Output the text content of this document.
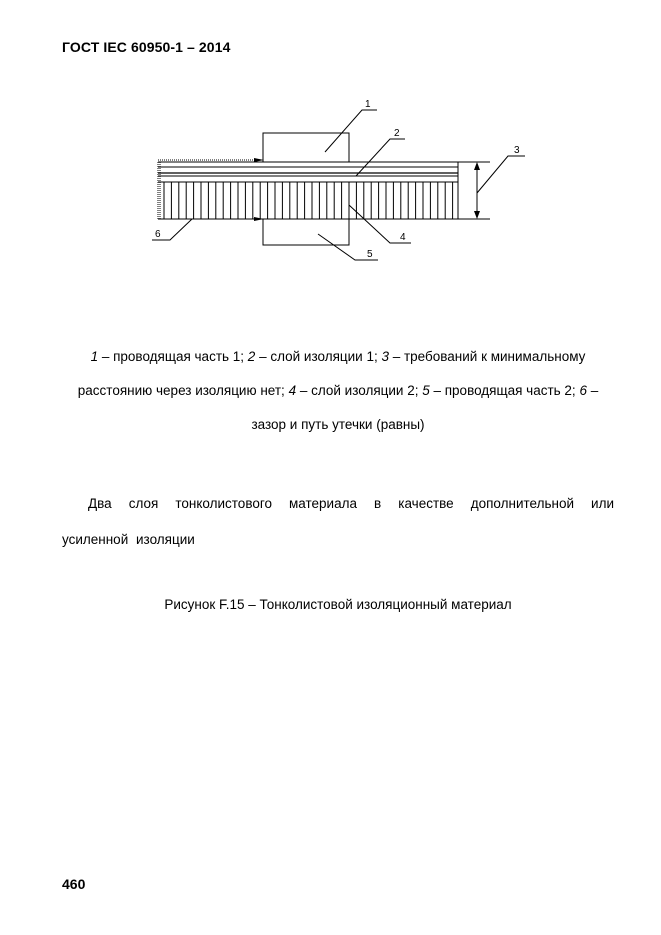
ГОСТ IEC 60950-1 – 2014
1
2
3
4
5
6
1 – проводящая часть 1; 2 – слой изоляции 1; 3 – требований к минимальному расстоянию через изоляцию нет; 4 – слой изоляции 2; 5 – проводящая часть 2; 6 – зазор и путь утечки (равны)
Два слоя тонколистового материала в качестве дополнительной или усиленной изоляции
Рисунок F.15 – Тонколистовой изоляционный материал
460
